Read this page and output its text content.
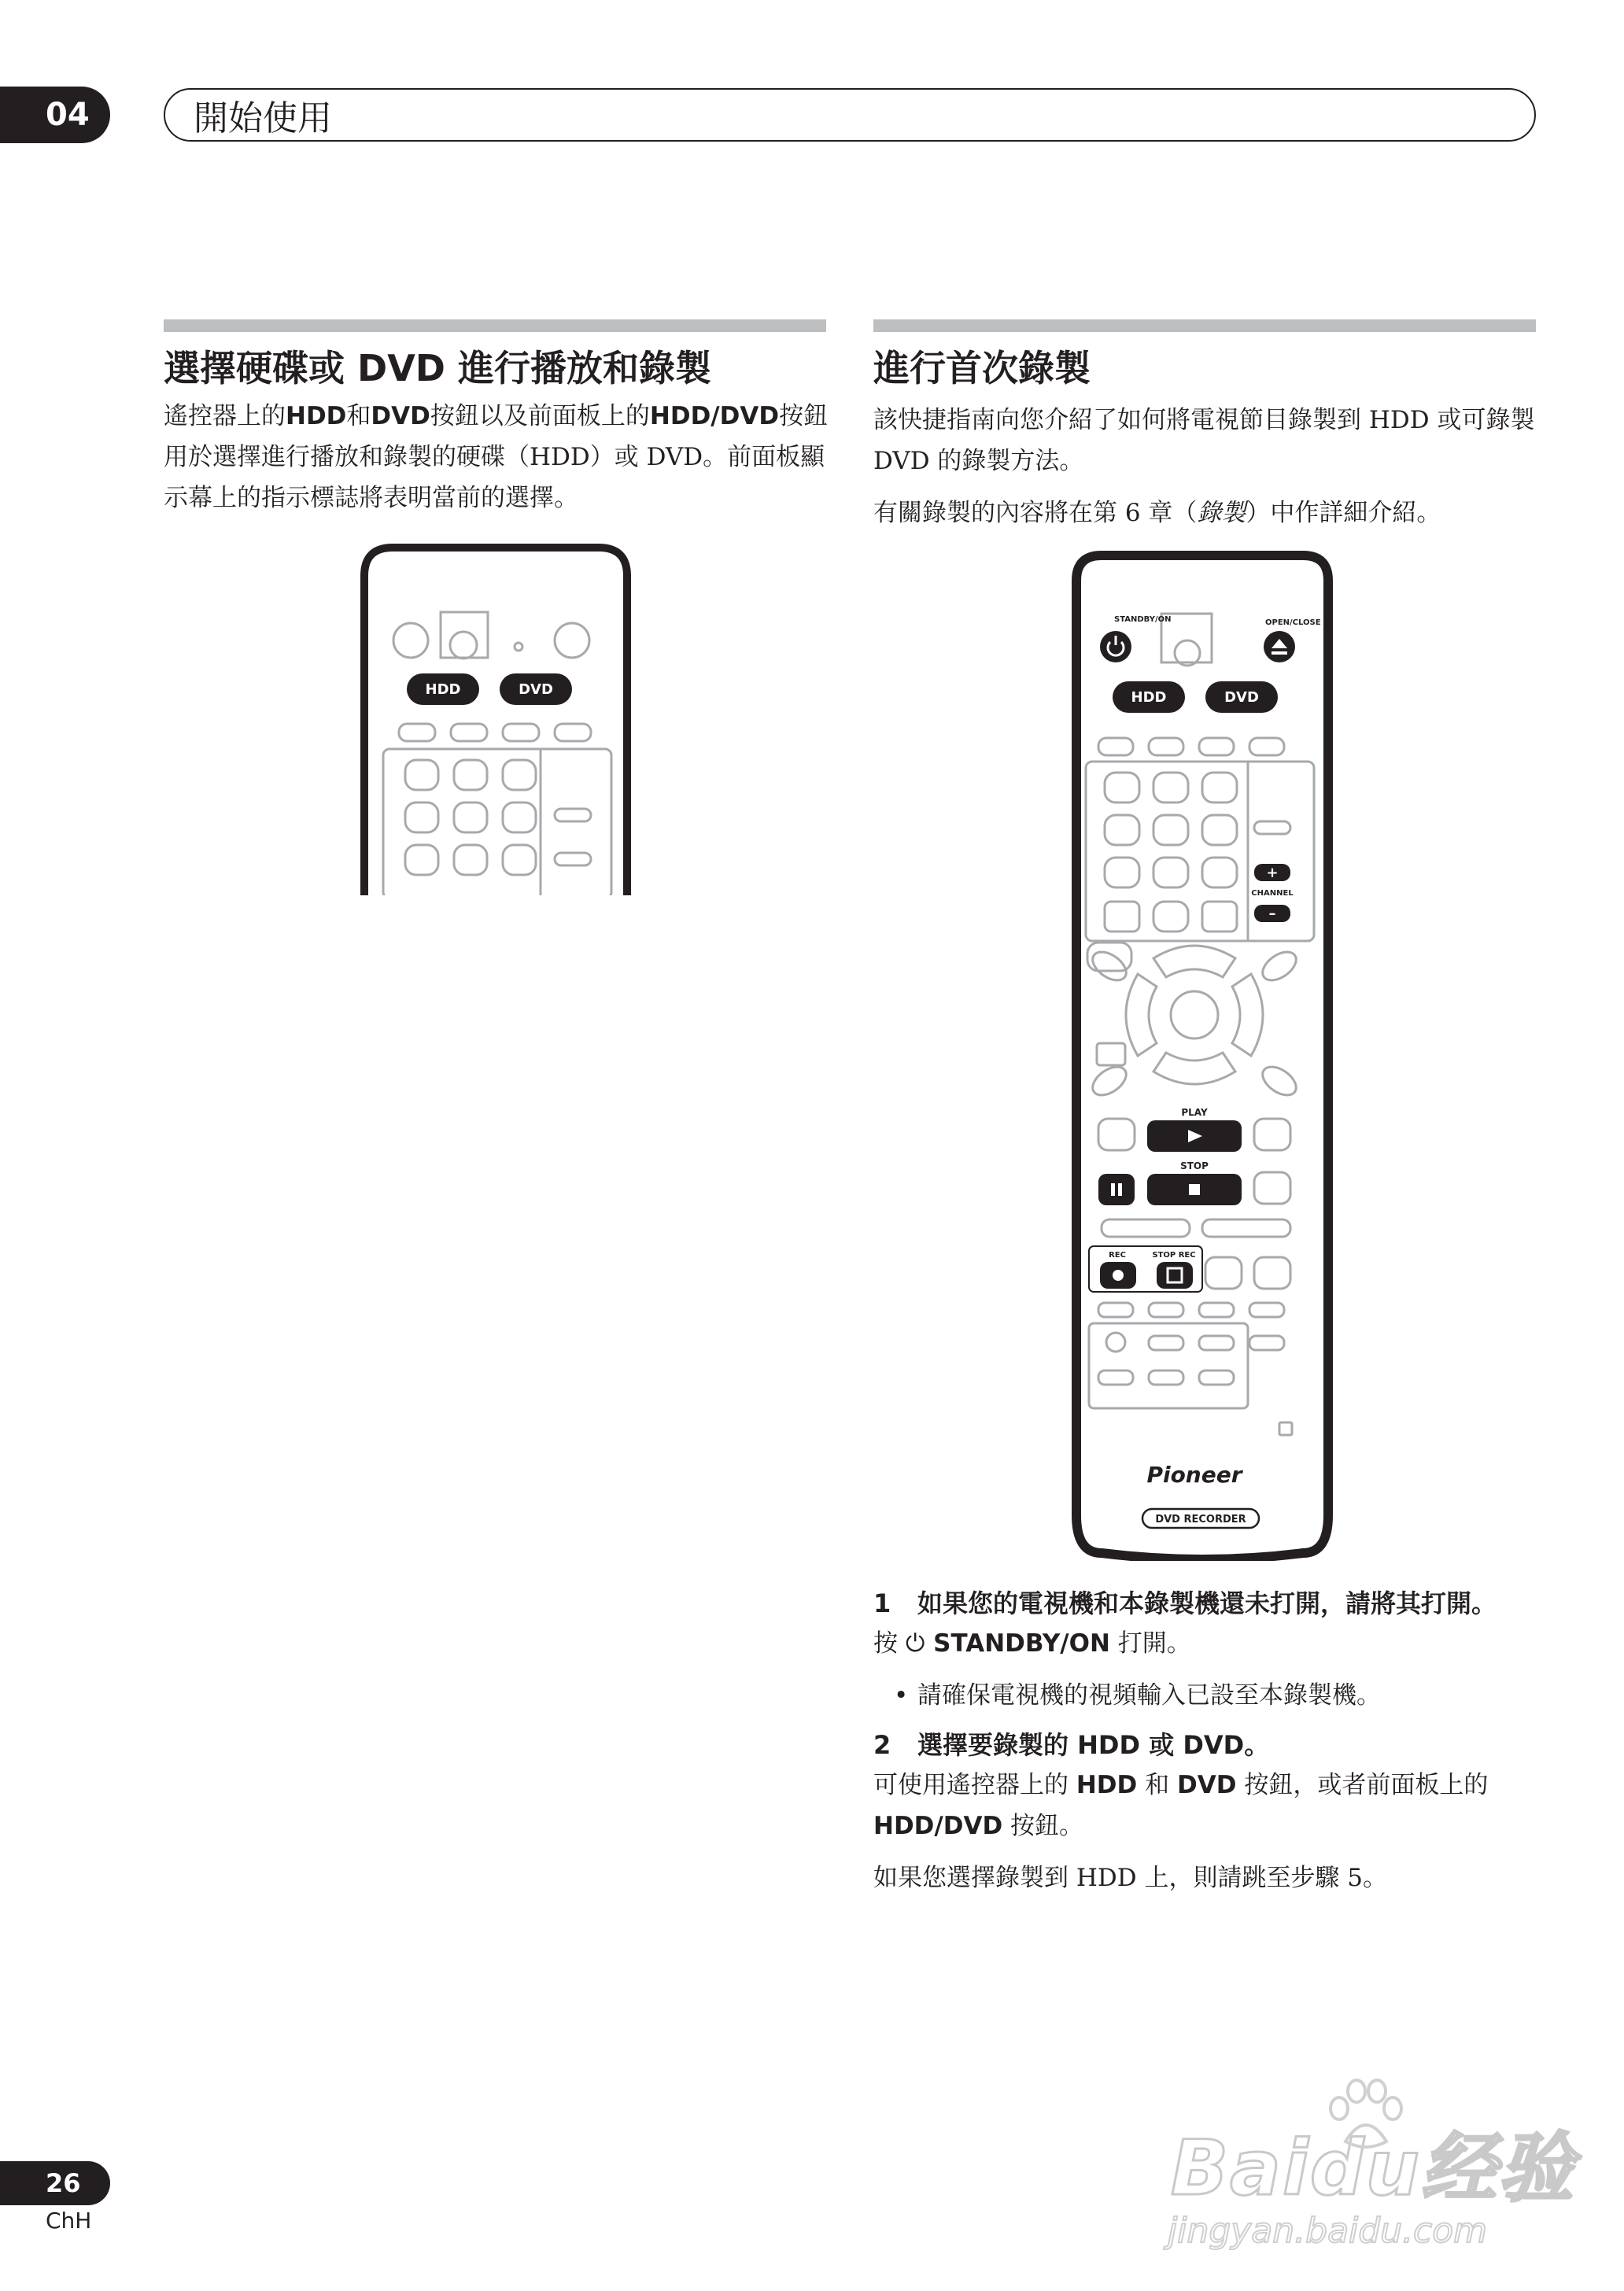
04	開始使用
選擇硬碟或 DVD 進行播放和錄製

遙控器上的HDD和DVD按鈕以及前面板上的HDD/DVD按鈕用於選擇進行播放和錄製的硬碟（HDD）或 DVD。前面板顯示幕上的指示標誌將表明當前的選擇。

HDD	DVD
進行首次錄製

該快捷指南向您介紹了如何將電視節目錄製到 HDD 或可錄製 DVD 的錄製方法。

有關錄製的內容將在第 6 章（錄製）中作詳細介紹。

STANDBY/ON	OPEN/CLOSE
HDD	DVD
+
CHANNEL
–
PLAY
STOP
REC	STOP REC
Pioneer
DVD RECORDER

1 如果您的電視機和本錄製機還未打開，請將其打開。

按 ⏻ STANDBY/ON 打開。

• 請確保電視機的視頻輸入已設至本錄製機。

2 選擇要錄製的 HDD 或 DVD。

可使用遙控器上的 HDD 和 DVD 按鈕，或者前面板上的 HDD/DVD 按鈕。

如果您選擇錄製到 HDD 上，則請跳至步驟 5。

26
ChH
Baidu经验
jingyan.baidu.com
